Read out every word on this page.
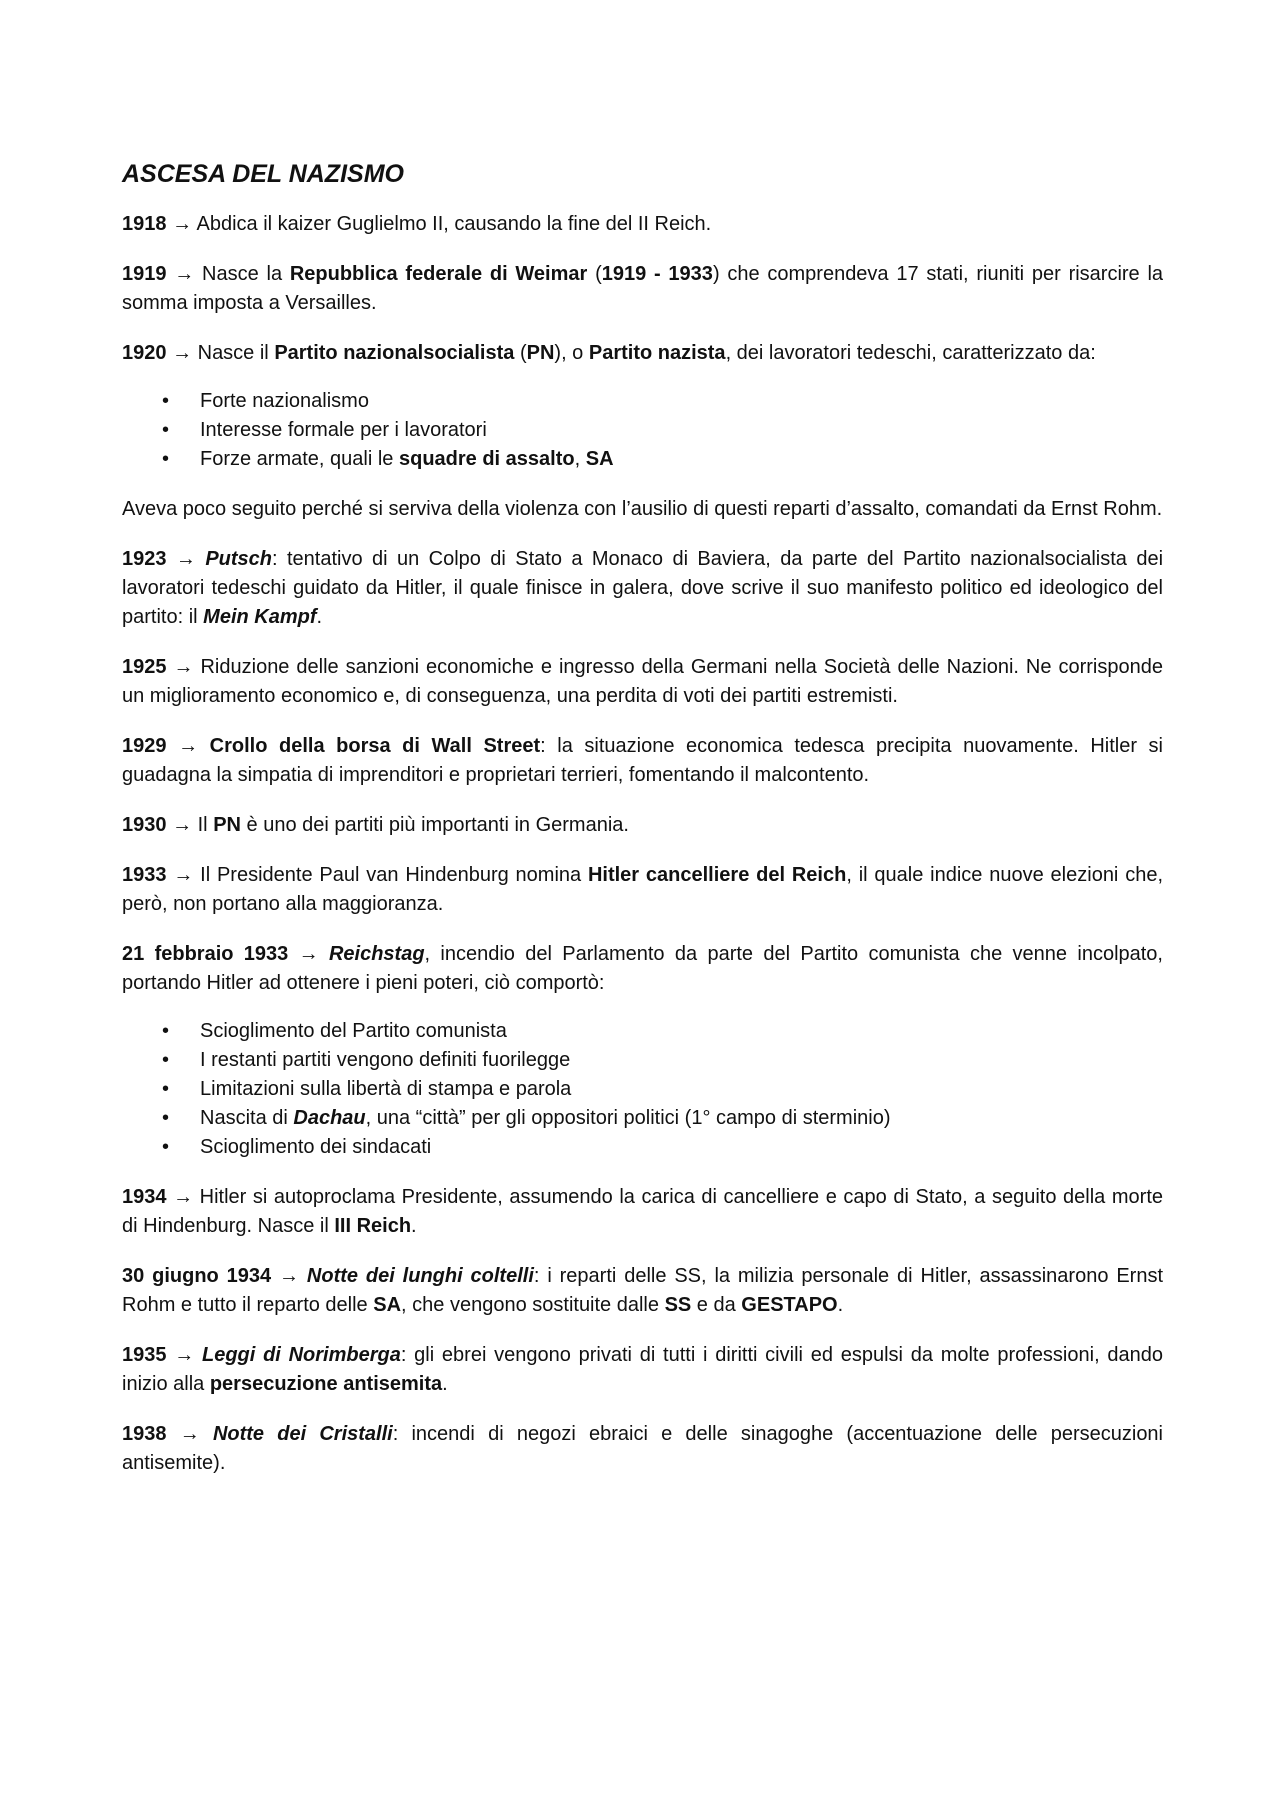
ASCESA DEL NAZISMO

1918 → Abdica il kaizer Guglielmo II, causando la fine del II Reich.

1919 → Nasce la Repubblica federale di Weimar (1919 - 1933) che comprendeva 17 stati, riuniti per risarcire la somma imposta a Versailles.

1920 → Nasce il Partito nazionalsocialista (PN), o Partito nazista, dei lavoratori tedeschi, caratterizzato da:

• Forte nazionalismo
• Interesse formale per i lavoratori
• Forze armate, quali le squadre di assalto, SA

Aveva poco seguito perché si serviva della violenza con l’ausilio di questi reparti d’assalto, comandati da Ernst Rohm.

1923 → Putsch: tentativo di un Colpo di Stato a Monaco di Baviera, da parte del Partito nazionalsocialista dei lavoratori tedeschi guidato da Hitler, il quale finisce in galera, dove scrive il suo manifesto politico ed ideologico del partito: il Mein Kampf.

1925 → Riduzione delle sanzioni economiche e ingresso della Germani nella Società delle Nazioni. Ne corrisponde un miglioramento economico e, di conseguenza, una perdita di voti dei partiti estremisti.

1929 → Crollo della borsa di Wall Street: la situazione economica tedesca precipita nuovamente. Hitler si guadagna la simpatia di imprenditori e proprietari terrieri, fomentando il malcontento.

1930 → Il PN è uno dei partiti più importanti in Germania.

1933 → Il Presidente Paul van Hindenburg nomina Hitler cancelliere del Reich, il quale indice nuove elezioni che, però, non portano alla maggioranza.

21 febbraio 1933 → Reichstag, incendio del Parlamento da parte del Partito comunista che venne incolpato, portando Hitler ad ottenere i pieni poteri, ciò comportò:

• Scioglimento del Partito comunista
• I restanti partiti vengono definiti fuorilegge
• Limitazioni sulla libertà di stampa e parola
• Nascita di Dachau, una “città” per gli oppositori politici (1° campo di sterminio)
• Scioglimento dei sindacati

1934 → Hitler si autoproclama Presidente, assumendo la carica di cancelliere e capo di Stato, a seguito della morte di Hindenburg. Nasce il III Reich.

30 giugno 1934 → Notte dei lunghi coltelli: i reparti delle SS, la milizia personale di Hitler, assassinarono Ernst Rohm e tutto il reparto delle SA, che vengono sostituite dalle SS e da GESTAPO.

1935 → Leggi di Norimberga: gli ebrei vengono privati di tutti i diritti civili ed espulsi da molte professioni, dando inizio alla persecuzione antisemita.

1938 → Notte dei Cristalli: incendi di negozi ebraici e delle sinagoghe (accentuazione delle persecuzioni antisemite).
